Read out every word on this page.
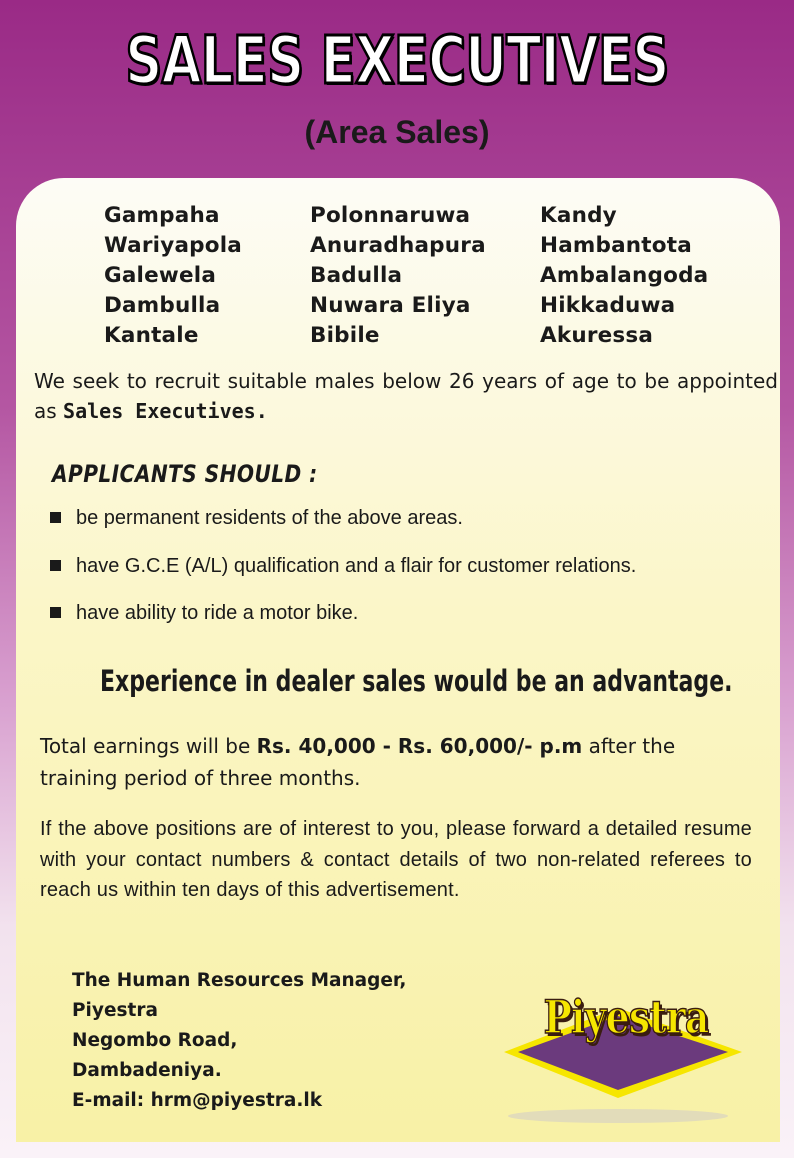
SALES EXECUTIVES
(Area Sales)
Gampaha
Wariyapola
Galewela
Dambulla
Kantale
Polonnaruwa
Anuradhapura
Badulla
Nuwara Eliya
Bibile
Kandy
Hambantota
Ambalangoda
Hikkaduwa
Akuressa

We seek to recruit suitable males below 26 years of age to be appointed as Sales Executives.

APPLICANTS SHOULD :
be permanent residents of the above areas.
have G.C.E (A/L) qualification and a flair for customer relations.
have ability to ride a motor bike.
Experience in dealer sales would be an advantage.

Total earnings will be Rs. 40,000 - Rs. 60,000/- p.m after the training period of three months.

If the above positions are of interest to you, please forward a detailed resume with your contact numbers & contact details of two non-related referees to reach us within ten days of this advertisement.

The Human Resources Manager,
Piyestra
Negombo Road,
Dambadeniya.
E-mail: hrm@piyestra.lk
Piyestra
